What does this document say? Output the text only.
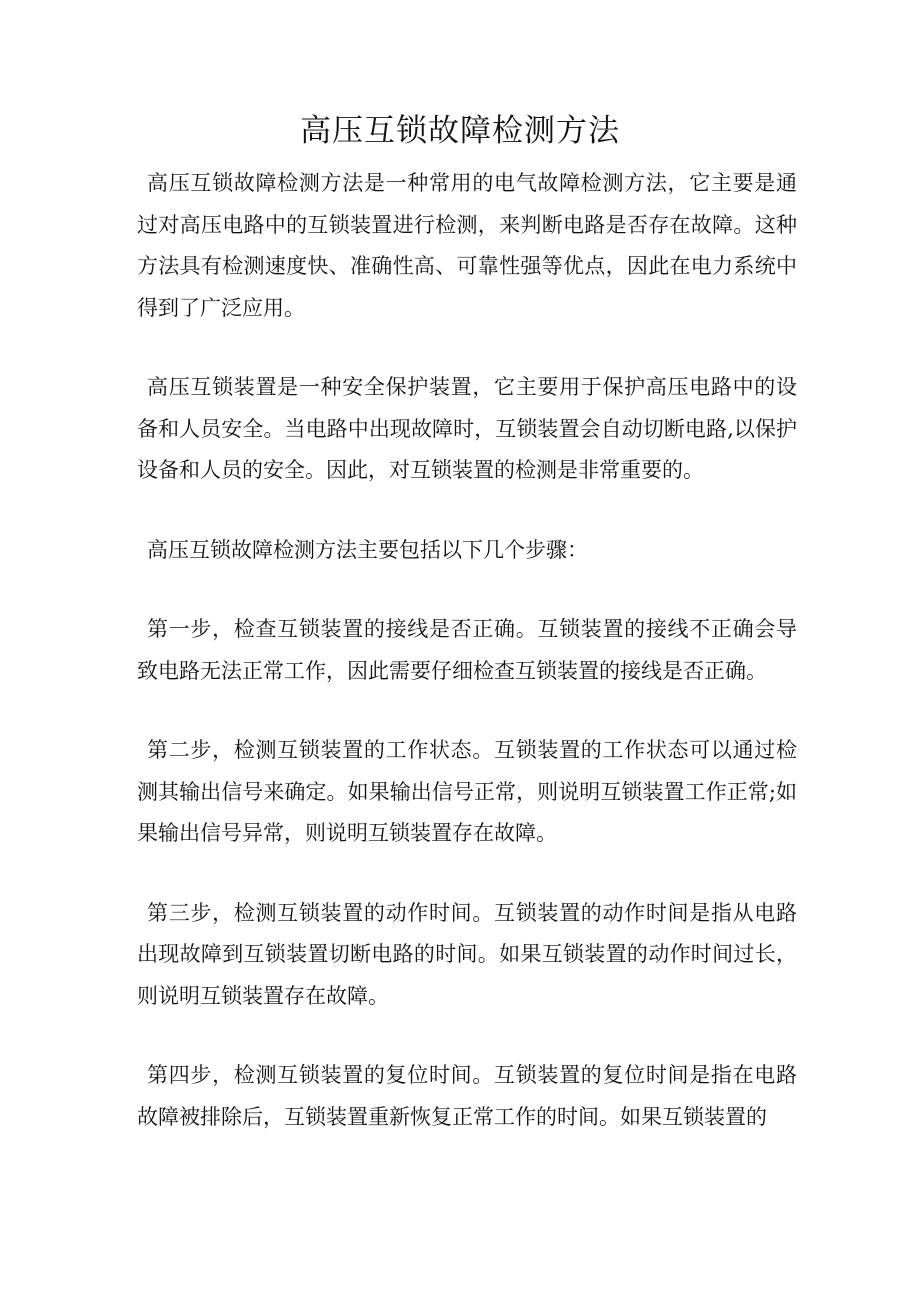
高压互锁故障检测方法

高压互锁故障检测方法是一种常用的电气故障检测方法，它主要是通过对高压电路中的互锁装置进行检测，来判断电路是否存在故障。这种方法具有检测速度快、准确性高、可靠性强等优点，因此在电力系统中得到了广泛应用。

高压互锁装置是一种安全保护装置，它主要用于保护高压电路中的设备和人员安全。当电路中出现故障时，互锁装置会自动切断电路,以保护设备和人员的安全。因此，对互锁装置的检测是非常重要的。

高压互锁故障检测方法主要包括以下几个步骤：

第一步，检查互锁装置的接线是否正确。互锁装置的接线不正确会导致电路无法正常工作，因此需要仔细检查互锁装置的接线是否正确。

第二步，检测互锁装置的工作状态。互锁装置的工作状态可以通过检测其输出信号来确定。如果输出信号正常，则说明互锁装置工作正常;如果输出信号异常，则说明互锁装置存在故障。

第三步，检测互锁装置的动作时间。互锁装置的动作时间是指从电路出现故障到互锁装置切断电路的时间。如果互锁装置的动作时间过长，则说明互锁装置存在故障。

第四步，检测互锁装置的复位时间。互锁装置的复位时间是指在电路故障被排除后，互锁装置重新恢复正常工作的时间。如果互锁装置的
